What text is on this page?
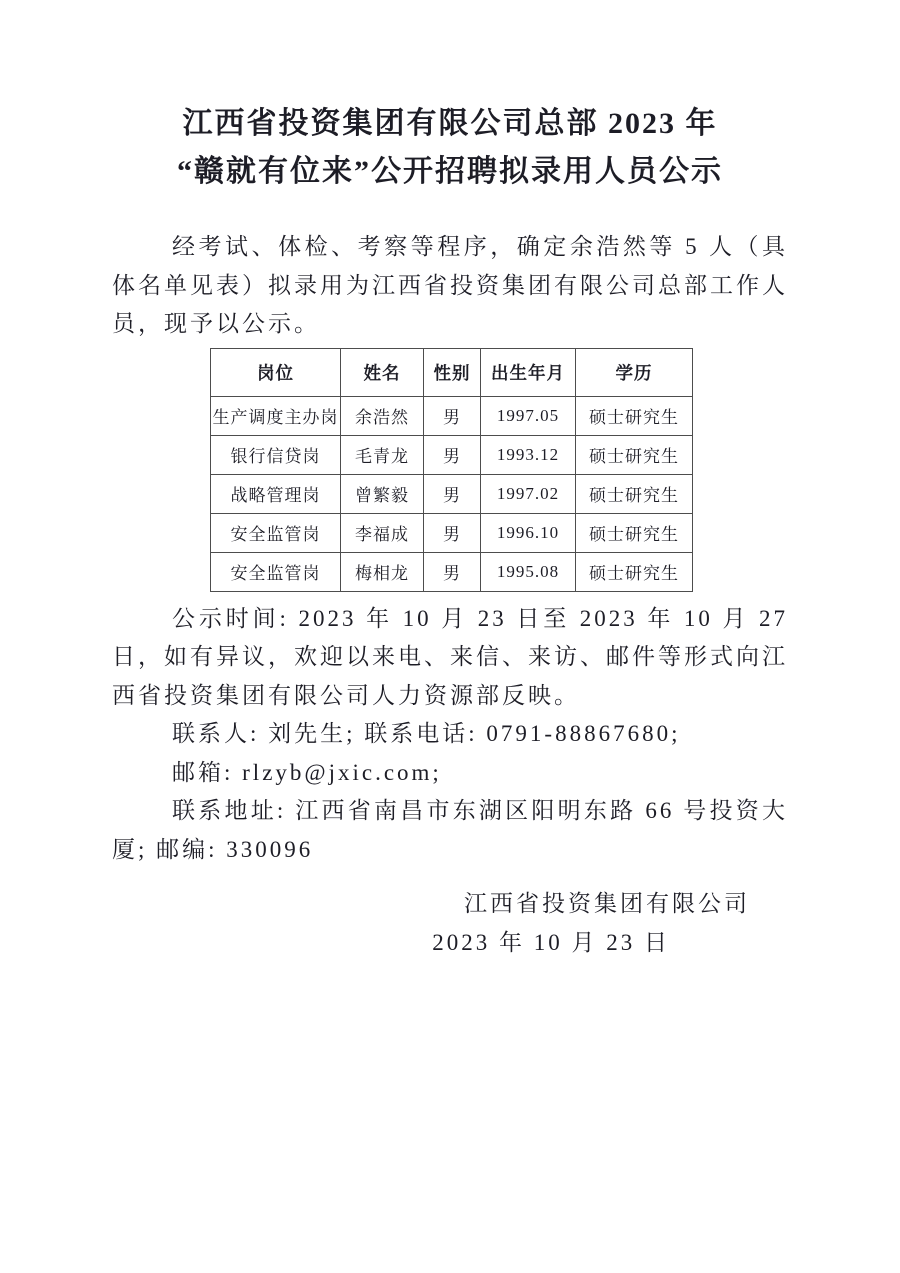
江西省投资集团有限公司总部 2023 年
“赣就有位来”公开招聘拟录用人员公示

经考试、体检、考察等程序，确定余浩然等 5 人（具体名单见表）拟录用为江西省投资集团有限公司总部工作人员，现予以公示。

岗位	姓名	性别	出生年月	学历
生产调度主办岗	余浩然	男	1997.05	硕士研究生
银行信贷岗	毛青龙	男	1993.12	硕士研究生
战略管理岗	曾繁毅	男	1997.02	硕士研究生
安全监管岗	李福成	男	1996.10	硕士研究生
安全监管岗	梅相龙	男	1995.08	硕士研究生

公示时间: 2023 年 10 月 23 日至 2023 年 10 月 27 日，如有异议，欢迎以来电、来信、来访、邮件等形式向江西省投资集团有限公司人力资源部反映。

联系人: 刘先生; 联系电话: 0791-88867680;

邮箱: rlzyb@jxic.com;

联系地址: 江西省南昌市东湖区阳明东路 66 号投资大厦; 邮编: 330096

江西省投资集团有限公司
2023 年 10 月 23 日
